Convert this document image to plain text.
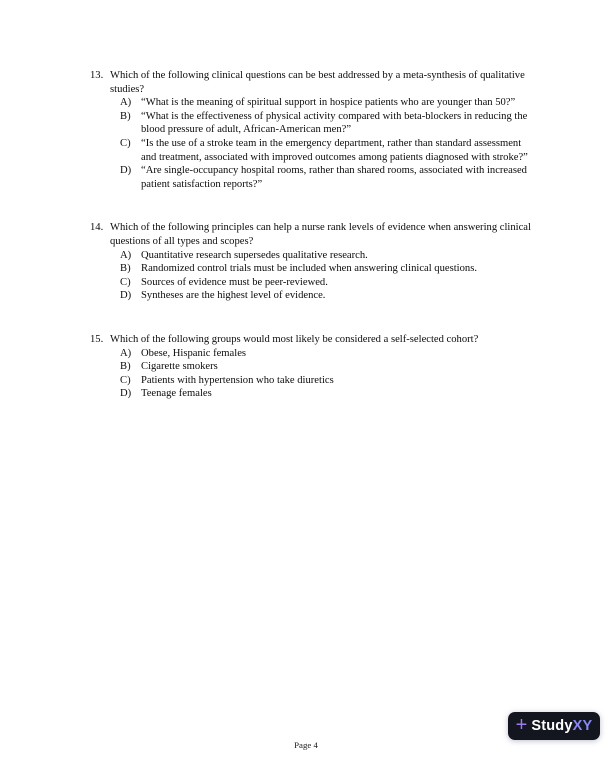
13. Which of the following clinical questions can be best addressed by a meta-synthesis of qualitative studies?
A) “What is the meaning of spiritual support in hospice patients who are younger than 50?”
B) “What is the effectiveness of physical activity compared with beta-blockers in reducing the blood pressure of adult, African-American men?”
C) “Is the use of a stroke team in the emergency department, rather than standard assessment and treatment, associated with improved outcomes among patients diagnosed with stroke?”
D) “Are single-occupancy hospital rooms, rather than shared rooms, associated with increased patient satisfaction reports?”
14. Which of the following principles can help a nurse rank levels of evidence when answering clinical questions of all types and scopes?
A) Quantitative research supersedes qualitative research.
B) Randomized control trials must be included when answering clinical questions.
C) Sources of evidence must be peer-reviewed.
D) Syntheses are the highest level of evidence.
15. Which of the following groups would most likely be considered a self-selected cohort?
A) Obese, Hispanic females
B) Cigarette smokers
C) Patients with hypertension who take diuretics
D) Teenage females
+ StudyXY
Page 4
